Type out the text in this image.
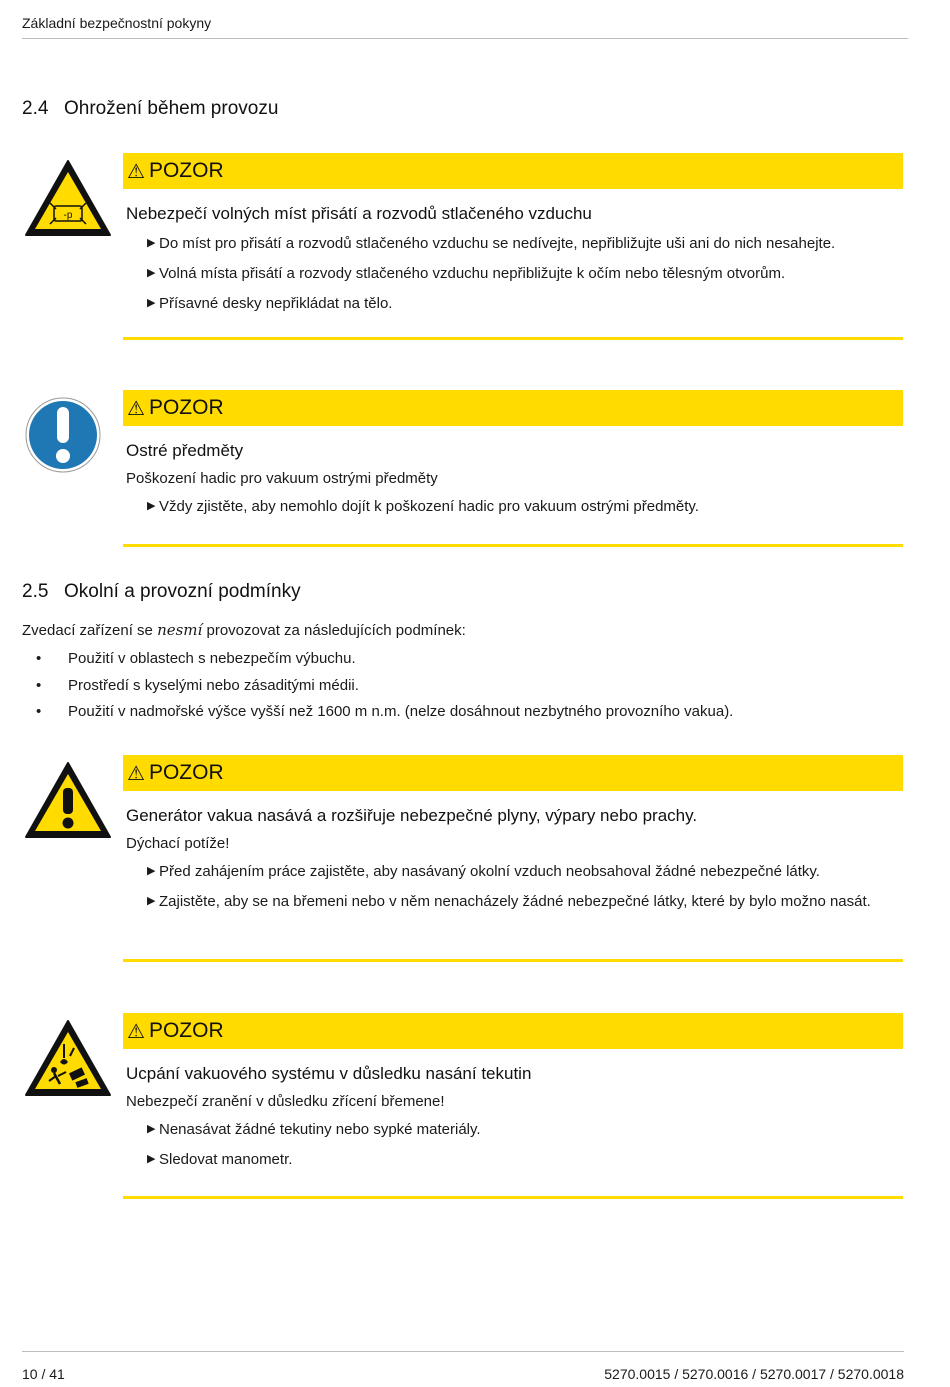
Základní bezpečnostní pokyny
2.4 Ohrožení během provozu
-p
⚠ POZOR
Nebezpečí volných míst přisátí a rozvodů stlačeného vzduchu
▶ Do míst pro přisátí a rozvodů stlačeného vzduchu se nedívejte, nepřibližujte uši ani do nich nesahejte.
▶ Volná místa přisátí a rozvody stlačeného vzduchu nepřibližujte k očím nebo tělesným otvorům.
▶ Přísavné desky nepřikládat na tělo.
⚠ POZOR
Ostré předměty
Poškození hadic pro vakuum ostrými předměty
▶ Vždy zjistěte, aby nemohlo dojít k poškození hadic pro vakuum ostrými předměty.
2.5 Okolní a provozní podmínky
Zvedací zařízení se nesmí provozovat za následujících podmínek:
• Použití v oblastech s nebezpečím výbuchu.
• Prostředí s kyselými nebo zásaditými médii.
• Použití v nadmořské výšce vyšší než 1600 m n.m. (nelze dosáhnout nezbytného provozního vakua).
⚠ POZOR
Generátor vakua nasává a rozšiřuje nebezpečné plyny, výpary nebo prachy.
Dýchací potíže!
▶ Před zahájením práce zajistěte, aby nasávaný okolní vzduch neobsahoval žádné nebezpečné látky.
▶ Zajistěte, aby se na břemeni nebo v něm nenacházely žádné nebezpečné látky, které by bylo možno nasát.
⚠ POZOR
Ucpání vakuového systému v důsledku nasání tekutin
Nebezpečí zranění v důsledku zřícení břemene!
▶ Nenasávat žádné tekutiny nebo sypké materiály.
▶ Sledovat manometr.
10 / 41	5270.0015 / 5270.0016 / 5270.0017 / 5270.0018
